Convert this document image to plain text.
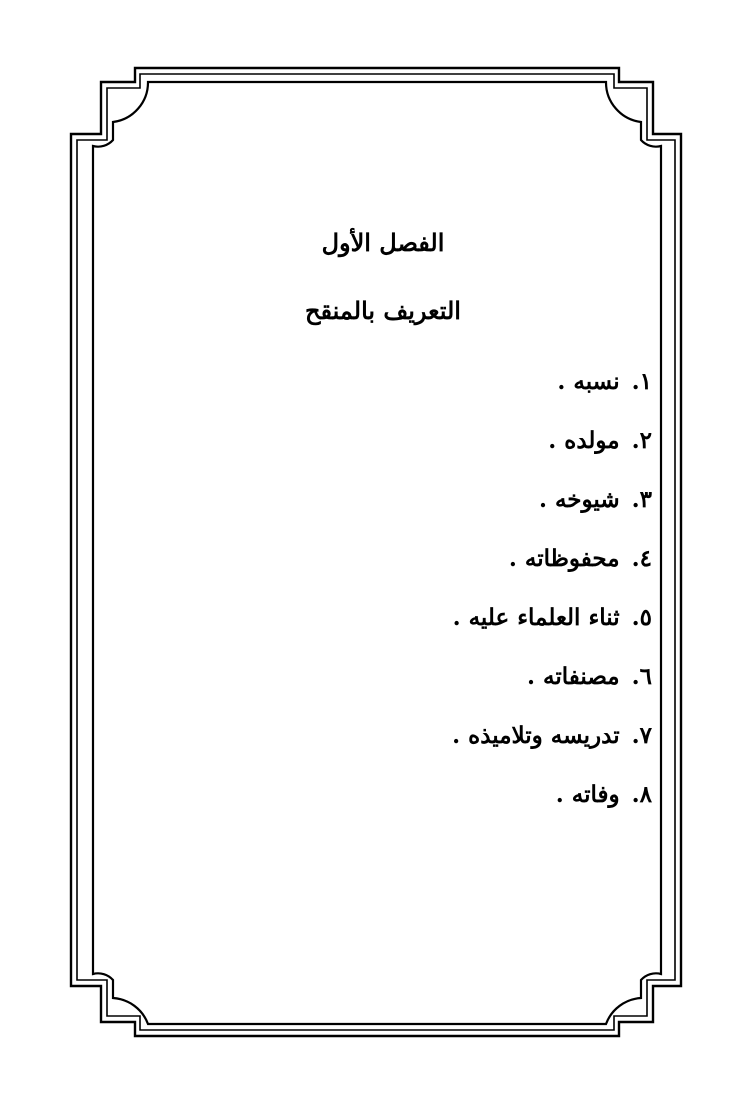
الفصل الأول
التعريف بالمنقح
١. نسبه .
٢. مولده .
٣. شيوخه .
٤. محفوظاته .
٥. ثناء العلماء عليه .
٦. مصنفاته .
٧. تدريسه وتلاميذه .
٨. وفاته .
